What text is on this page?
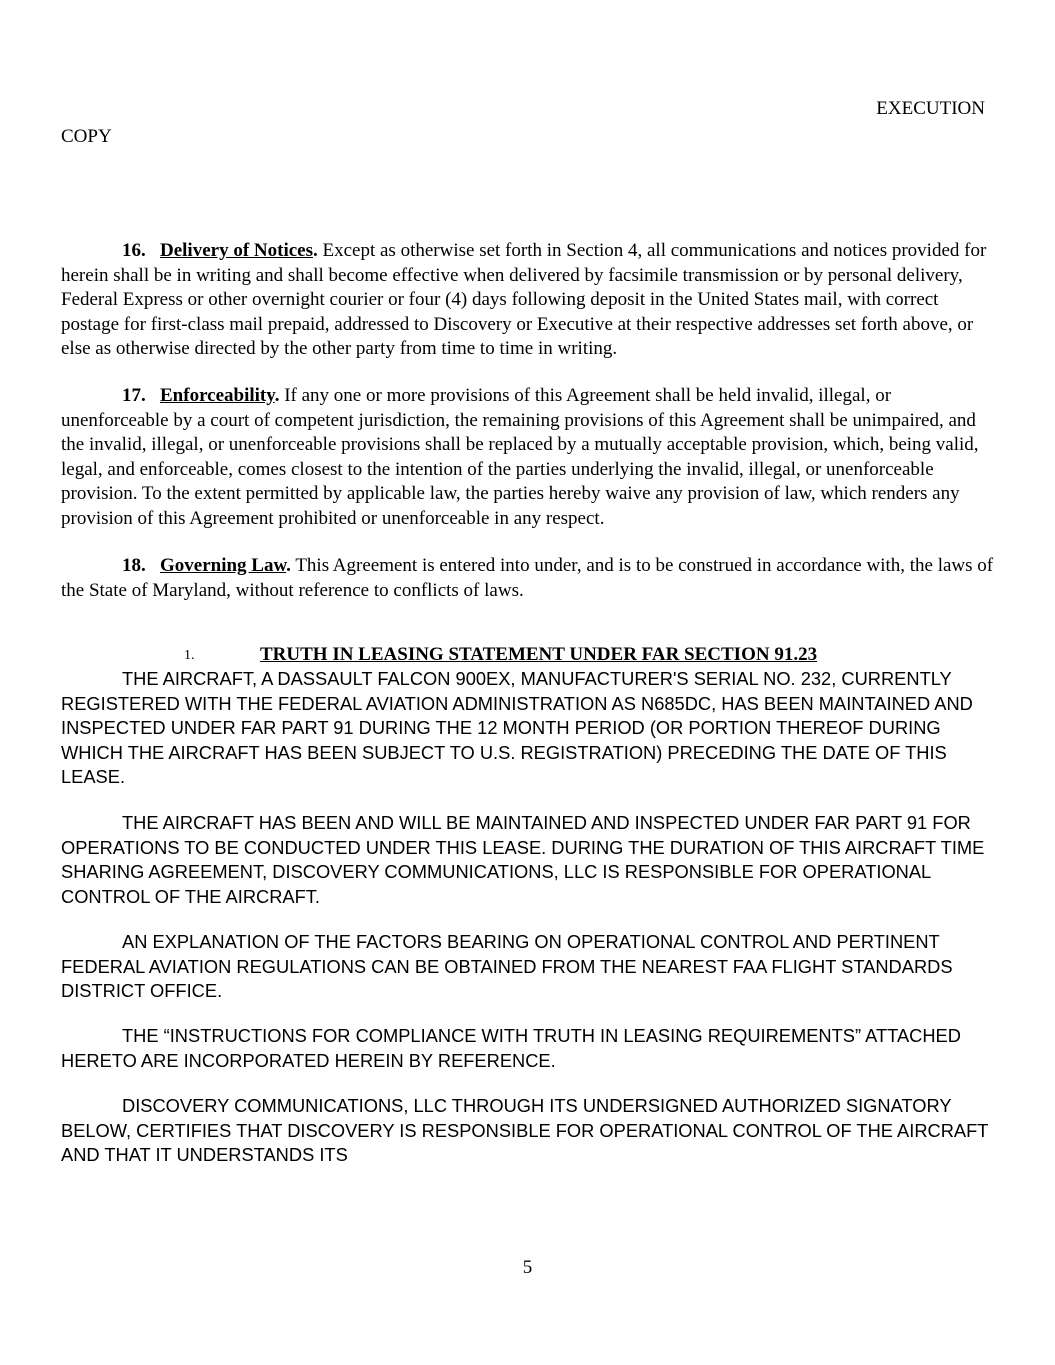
EXECUTION
COPY
16. Delivery of Notices. Except as otherwise set forth in Section 4, all communications and notices provided for herein shall be in writing and shall become effective when delivered by facsimile transmission or by personal delivery, Federal Express or other overnight courier or four (4) days following deposit in the United States mail, with correct postage for first-class mail prepaid, addressed to Discovery or Executive at their respective addresses set forth above, or else as otherwise directed by the other party from time to time in writing.
17. Enforceability. If any one or more provisions of this Agreement shall be held invalid, illegal, or unenforceable by a court of competent jurisdiction, the remaining provisions of this Agreement shall be unimpaired, and the invalid, illegal, or unenforceable provisions shall be replaced by a mutually acceptable provision, which, being valid, legal, and enforceable, comes closest to the intention of the parties underlying the invalid, illegal, or unenforceable provision. To the extent permitted by applicable law, the parties hereby waive any provision of law, which renders any provision of this Agreement prohibited or unenforceable in any respect.
18. Governing Law. This Agreement is entered into under, and is to be construed in accordance with, the laws of the State of Maryland, without reference to conflicts of laws.
1.	TRUTH IN LEASING STATEMENT UNDER FAR SECTION 91.23
THE AIRCRAFT, A DASSAULT FALCON 900EX, MANUFACTURER'S SERIAL NO. 232, CURRENTLY REGISTERED WITH THE FEDERAL AVIATION ADMINISTRATION AS N685DC, HAS BEEN MAINTAINED AND INSPECTED UNDER FAR PART 91 DURING THE 12 MONTH PERIOD (OR PORTION THEREOF DURING WHICH THE AIRCRAFT HAS BEEN SUBJECT TO U.S. REGISTRATION) PRECEDING THE DATE OF THIS LEASE.
THE AIRCRAFT HAS BEEN AND WILL BE MAINTAINED AND INSPECTED UNDER FAR PART 91 FOR OPERATIONS TO BE CONDUCTED UNDER THIS LEASE. DURING THE DURATION OF THIS AIRCRAFT TIME SHARING AGREEMENT, DISCOVERY COMMUNICATIONS, LLC IS RESPONSIBLE FOR OPERATIONAL CONTROL OF THE AIRCRAFT.
AN EXPLANATION OF THE FACTORS BEARING ON OPERATIONAL CONTROL AND PERTINENT FEDERAL AVIATION REGULATIONS CAN BE OBTAINED FROM THE NEAREST FAA FLIGHT STANDARDS DISTRICT OFFICE.
THE “INSTRUCTIONS FOR COMPLIANCE WITH TRUTH IN LEASING REQUIREMENTS” ATTACHED HERETO ARE INCORPORATED HEREIN BY REFERENCE.
DISCOVERY COMMUNICATIONS, LLC THROUGH ITS UNDERSIGNED AUTHORIZED SIGNATORY BELOW, CERTIFIES THAT DISCOVERY IS RESPONSIBLE FOR OPERATIONAL CONTROL OF THE AIRCRAFT AND THAT IT UNDERSTANDS ITS
5
